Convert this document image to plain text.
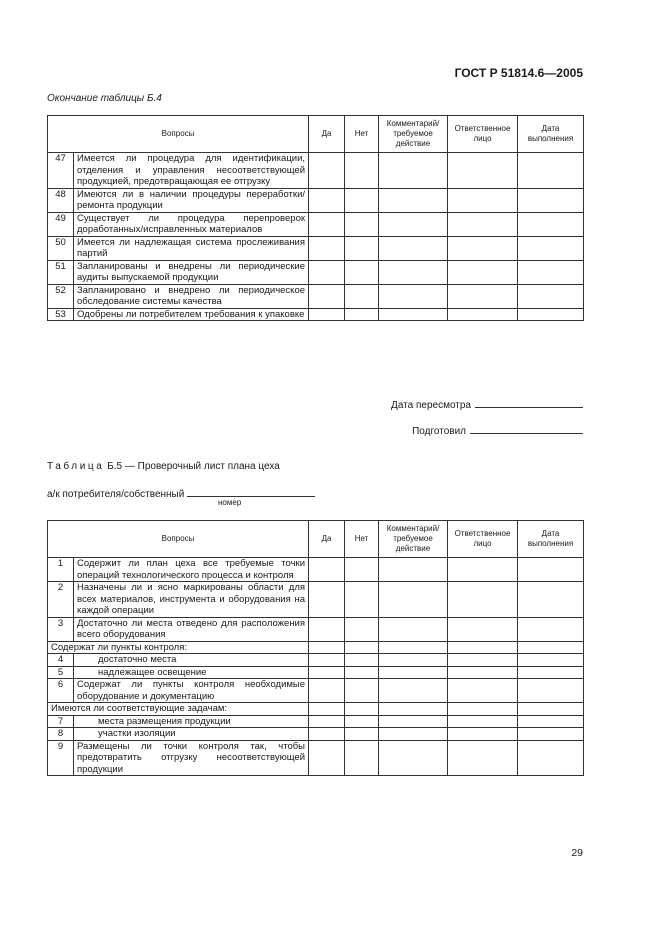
ГОСТ Р 51814.6—2005
Окончание таблицы Б.4
Вопросы		Да	Нет	Комментарий/ требуемое действие	Ответственное лицо	Дата выполнения
47	Имеется ли процедура для идентификации, отделения и управления несоответствующей продукцией, предотвращающая ее отгрузку					
48	Имеются ли в наличии процедуры переработки/ремонта продукции					
49	Существует ли процедура перепроверок доработанных/исправленных материалов					
50	Имеется ли надлежащая система прослеживания партий					
51	Запланированы и внедрены ли периодические аудиты выпускаемой продукции					
52	Запланировано и внедрено ли периодическое обследование системы качества					
53	Одобрены ли потребителем требования к упаковке					
Дата пересмотра
Подготовил
Таблица Б.5 — Проверочный лист плана цеха
а/к потребителя/собственный
номер
Вопросы		Да	Нет	Комментарий/ требуемое действие	Ответственное лицо	Дата выполнения
1	Содержит ли план цеха все требуемые точки операций технологического процесса и контроля					
2	Назначены ли и ясно маркированы области для всех материалов, инструмента и оборудования на каждой операции					
3	Достаточно ли места отведено для расположения всего оборудования					
Содержат ли пункты контроля:						
4	достаточно места					
5	надлежащее освещение					
6	Содержат ли пункты контроля необходимые оборудование и документацию					
Имеются ли соответствующие задачам:						
7	места размещения продукции					
8	участки изоляции					
9	Размещены ли точки контроля так, чтобы предотвратить отгрузку несоответствующей продукции					
29
